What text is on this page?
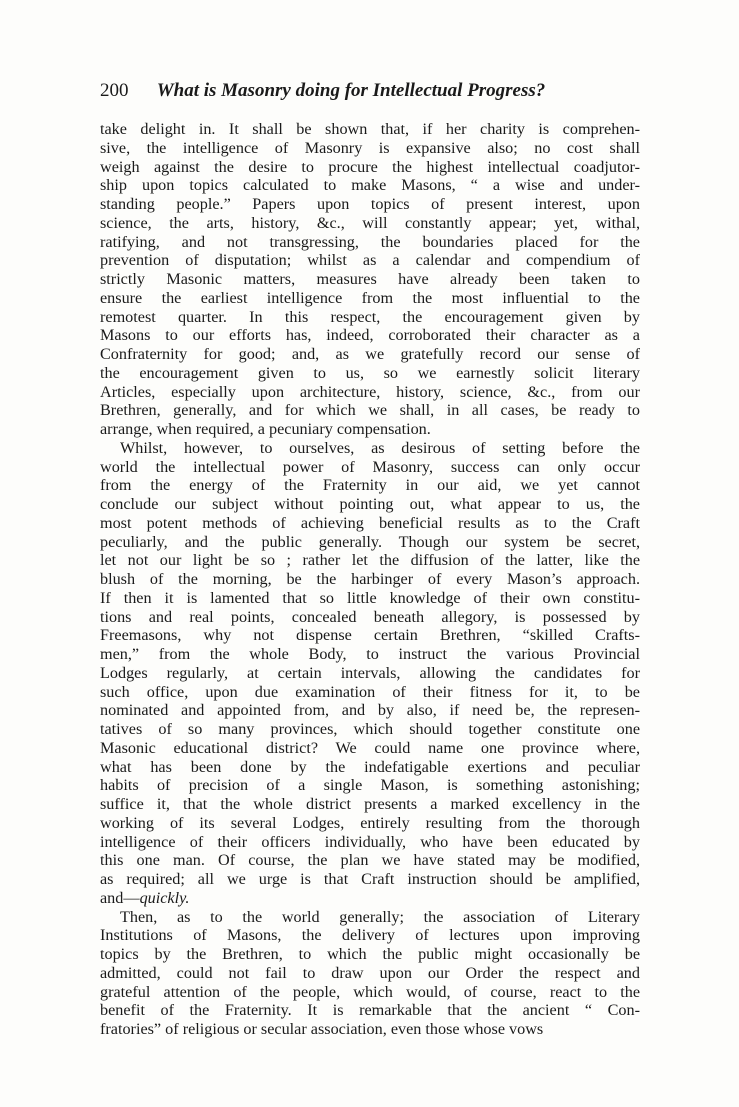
200 What is Masonry doing for Intellectual Progress?
take delight in. It shall be shown that, if her charity is comprehen-
sive, the intelligence of Masonry is expansive also; no cost shall
weigh against the desire to procure the highest intellectual coadjutor-
ship upon topics calculated to make Masons, “ a wise and under-
standing people.” Papers upon topics of present interest, upon
science, the arts, history, &c., will constantly appear; yet, withal,
ratifying, and not transgressing, the boundaries placed for the
prevention of disputation; whilst as a calendar and compendium of
strictly Masonic matters, measures have already been taken to
ensure the earliest intelligence from the most influential to the
remotest quarter. In this respect, the encouragement given by
Masons to our efforts has, indeed, corroborated their character as a
Confraternity for good; and, as we gratefully record our sense of
the encouragement given to us, so we earnestly solicit literary
Articles, especially upon architecture, history, science, &c., from our
Brethren, generally, and for which we shall, in all cases, be ready to
arrange, when required, a pecuniary compensation.
Whilst, however, to ourselves, as desirous of setting before the
world the intellectual power of Masonry, success can only occur
from the energy of the Fraternity in our aid, we yet cannot
conclude our subject without pointing out, what appear to us, the
most potent methods of achieving beneficial results as to the Craft
peculiarly, and the public generally. Though our system be secret,
let not our light be so ; rather let the diffusion of the latter, like the
blush of the morning, be the harbinger of every Mason’s approach.
If then it is lamented that so little knowledge of their own constitu-
tions and real points, concealed beneath allegory, is possessed by
Freemasons, why not dispense certain Brethren, “skilled Crafts-
men,” from the whole Body, to instruct the various Provincial
Lodges regularly, at certain intervals, allowing the candidates for
such office, upon due examination of their fitness for it, to be
nominated and appointed from, and by also, if need be, the represen-
tatives of so many provinces, which should together constitute one
Masonic educational district? We could name one province where,
what has been done by the indefatigable exertions and peculiar
habits of precision of a single Mason, is something astonishing;
suffice it, that the whole district presents a marked excellency in the
working of its several Lodges, entirely resulting from the thorough
intelligence of their officers individually, who have been educated by
this one man. Of course, the plan we have stated may be modified,
as required; all we urge is that Craft instruction should be amplified,
and—quickly.
Then, as to the world generally; the association of Literary
Institutions of Masons, the delivery of lectures upon improving
topics by the Brethren, to which the public might occasionally be
admitted, could not fail to draw upon our Order the respect and
grateful attention of the people, which would, of course, react to the
benefit of the Fraternity. It is remarkable that the ancient “ Con-
fratories” of religious or secular association, even those whose vows
